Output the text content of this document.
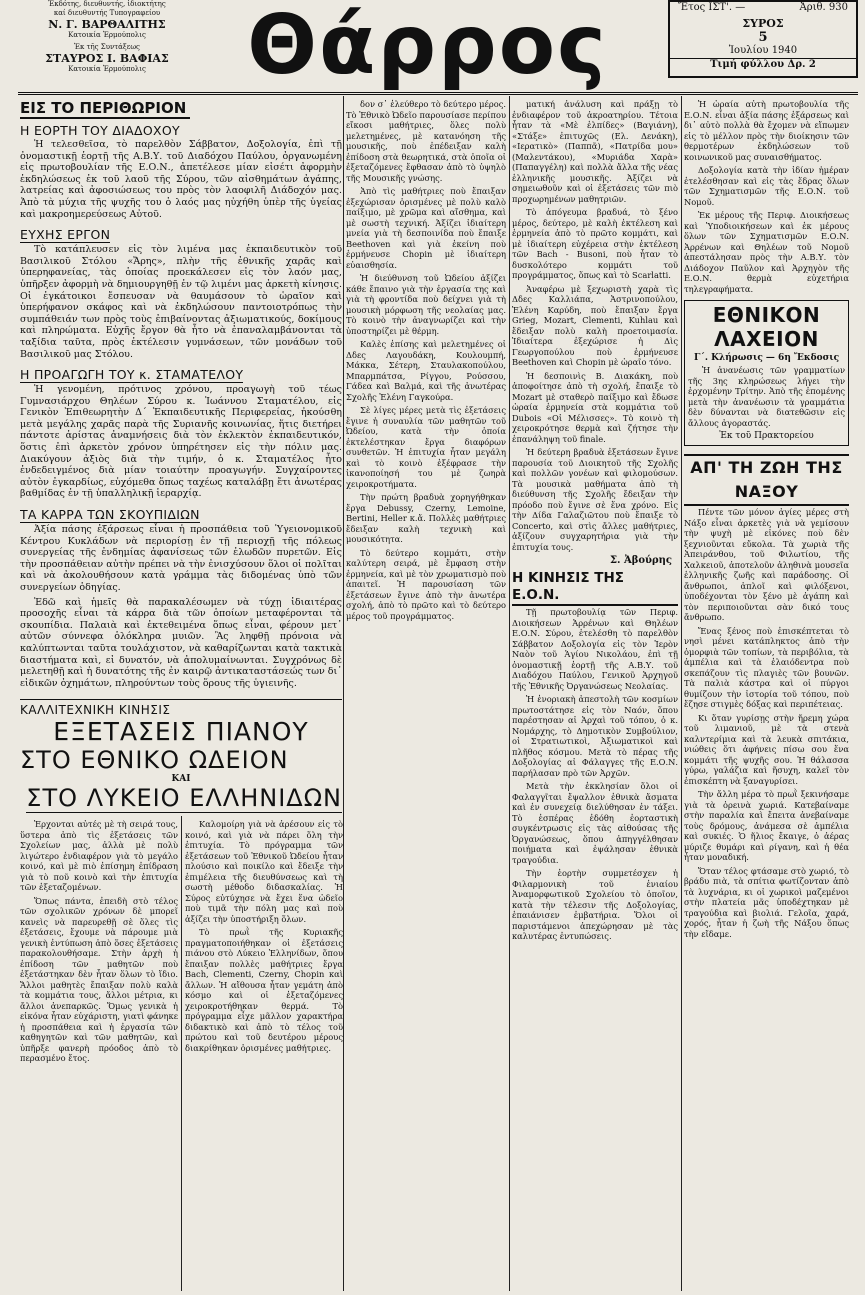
Ἐκδότης, διευθυντής, ἰδιοκτήτης
καί διευθυντής Τυπογραφείου
Ν. Γ. ΒΑΡΘΑΛΙΤΗΣ
Κατοικία Ἑρμούπολις
Ἐκ τῆς Συντάξεως
ΣΤΑΥΡΟΣ Ι. ΒΑΦΙΑΣ
Κατοικία Ἑρμούπολις	Θάρρος	Ἔτος ΙΣΤ'. —	Ἀριθ. 930
ΣΥΡΟΣ
5
Ἰουλίου 1940
Τιμή φύλλου Δρ. 2
ΕΙΣ ΤΟ ΠΕΡΙΘΩΡΙΟΝ
Η ΕΟΡΤΗ ΤΟΥ ΔΙΑΔΟΧΟΥ
Ἡ τελεσθεῖσα, τὸ παρελθὸν Σάββατον, Δοξολογία, ἐπὶ τῇ ὀνομαστικῇ ἑορτῇ τῆς Α.Β.Υ. τοῦ Διαδόχου Παύλου, ὀργανωμένη εἰς πρωτοβουλίαν τῆς Ε.Ο.Ν., ἀπετέλεσε μίαν εἰσέτι ἀφορμὴν ἐκδηλώσεως ἐκ τοῦ λαοῦ τῆς Σύρου, τῶν αἰσθημάτων ἀγάπης, λατρείας καὶ ἀφοσιώσεως του πρὸς τὸν λαοφιλῆ Διάδοχόν μας. Ἀπὸ τὰ μύχια τῆς ψυχῆς του ὁ λαός μας ηὐχήθη ὑπὲρ τῆς ὑγείας καὶ μακροημερεύσεως Αὐτοῦ.
ΕΥΧΗΣ ΕΡΓΟΝ
Τὸ κατάπλευσεν εἰς τὸν λιμένα μας ἐκπαιδευτικὸν τοῦ Βασιλικοῦ Στόλου «Ἄρης», πλὴν τῆς ἐθνικῆς χαρᾶς καὶ ὑπερηφανείας, τὰς ὁποίας προεκάλεσεν εἰς τὸν λαόν μας, ὑπῆρξεν ἀφορμὴ νὰ δημιουργηθῇ ἐν τῷ λιμένι μας ἀρκετὴ κίνησις. Οἱ ἐγκάτοικοι ἔσπευσαν νὰ θαυμάσουν τὸ ὡραῖον καὶ ὑπερήφανον σκάφος καὶ νὰ ἐκδηλώσουν παντοιοτρόπως τὴν συμπάθειάν των πρὸς τοὺς ἐπιβαίνοντας ἀξιωματικούς, δοκίμους καὶ πληρώματα. Εὐχῆς ἔργον θὰ ἦτο νὰ ἐπαναλαμβάνονται τὰ ταξίδια ταῦτα, πρὸς ἐκτέλεσιν γυμνάσεων, τῶν μονάδων τοῦ Βασιλικοῦ μας Στόλου.
Η ΠΡΟΑΓΩΓΗ ΤΟΥ κ. ΣΤΑΜΑΤΕΛΟΥ
Ἡ γενομένη, πρότινος χρόνου, προαγωγὴ τοῦ τέως Γυμνασιάρχου Θηλέων Σύρου κ. Ἰωάννου Σταματέλου, εἰς Γενικὸν Ἐπιθεωρητὴν Δ΄ Ἐκπαιδευτικῆς Περιφερείας, ἠκούσθη μετὰ μεγάλης χαρᾶς παρὰ τῆς Συριανῆς κοινωνίας, ἥτις διετήρει πάντοτε ἀρίστας ἀναμνήσεις διὰ τὸν ἐκλεκτὸν ἐκπαιδευτικόν, ὅστις ἐπὶ ἀρκετὸν χρόνον ὑπηρέτησεν εἰς τὴν πόλιν μας. Διακύγουν ἀξιὸς διὰ τὴν τιμήν, ὁ κ. Σταματέλος ἦτο ἐνδεδειγμένος διὰ μίαν τοιαύτην προαγωγήν. Συγχαίροντες αὐτὸν ἐγκαρδίως, εὐχόμεθα ὅπως ταχέως καταλάβῃ ἔτι ἀνωτέρας βαθμίδας ἐν τῇ ὑπαλληλικῇ ἱεραρχίᾳ.
ΤΑ ΚΑΡΡΑ ΤΩΝ ΣΚΟΥΠΙΔΙΩΝ
Ἀξία πάσης ἐξάρσεως εἶναι ἡ προσπάθεια τοῦ Ὑγειονομικοῦ Κέντρου Κυκλάδων νὰ περιορίσῃ ἐν τῇ περιοχῇ τῆς πόλεως συνεργείας τῆς ἐνδημίας ἀφανίσεως τῶν ἐλωδῶν πυρετῶν. Εἰς τὴν προσπάθειαν αὐτὴν πρέπει νὰ τὴν ἐνισχύσουν ὅλοι οἱ πολῖται καὶ νὰ ἀκολουθήσουν κατὰ γράμμα τὰς διδομένας ὑπὸ τῶν συνεργείων ὁδηγίας.
Ἐδῶ καὶ ἡμεῖς θὰ παρακαλέσωμεν νὰ τύχῃ ἰδιαιτέρας προσοχῆς εἶναι τὰ κάρρα διὰ τῶν ὁποίων μεταφέρονται τὰ σκουπίδια. Παλαιὰ καὶ ἐκτεθειμένα ὅπως εἶναι, φέρουν μετ᾽ αὐτῶν σύννεφα ὁλόκληρα μυιῶν. Ἂς ληφθῇ πρόνοια νὰ καλύπτωνται ταῦτα τουλάχιστον, νὰ καθαρίζωνται κατὰ τακτικὰ διαστήματα καὶ, εἰ δυνατόν, νὰ ἀπολυμαίνωνται. Συγχρόνως δὲ μελετηθῇ καὶ ἡ δυνατότης τῆς ἐν καιρῷ ἀντικαταστάσεώς των δι᾽ εἰδικῶν ὀχημάτων, πληρούντων τοὺς ὅρους τῆς ὑγιεινῆς.
ΚΑΛΛΙΤΕΧΝΙΚΗ ΚΙΝΗΣΙΣ
ΕΞΕΤΑΣΕΙΣ ΠΙΑΝΟΥ
ΣΤΟ ΕΘΝΙΚΟ ΩΔΕΙΟΝ
ΚΑΙ
ΣΤΟ ΛΥΚΕΙΟ ΕΛΛΗΝΙΔΩΝ
Ἐρχονται αὐτές μὲ τὴ σειρά τους, ὕστερα ἀπὸ τὶς ἐξετάσεις τῶν Σχολείων μας, ἀλλὰ μὲ πολὺ λιγώτερο ἐνδιαφέρον γιὰ τὸ μεγάλο κοινό, καὶ μὲ πιὸ ἐπίσημη ἐπίδραση γιὰ τὸ ποῦ κοινὸ καὶ τὴν ἐπιτυχία τῶν ἐξεταζομένων.
Ὅπως πάντα, ἐπειδὴ στὸ τέλος τῶν σχολικῶν χρόνων δὲ μπορεῖ κανεὶς νὰ παρευρεθῇ σὲ ὅλες τὶς ἐξετάσεις, ἔχουμε νὰ πάρουμε μιὰ γενικὴ ἐντύπωση ἀπὸ ὅσες ἐξετάσεις παρακολουθήσαμε. Στὴν ἀρχὴ ἡ ἐπίδοση τῶν μαθητῶν ποὺ ἐξετάστηκαν δὲν ἦταν ὅλων τὸ ἴδιο. Ἄλλοι μαθητὲς ἔπαιξαν πολὺ καλὰ τὰ κομμάτια τους, ἄλλοι μέτρια, κι ἄλλοι ἀνεπαρκῶς. Ὅμως γενικὰ ἡ εἰκόνα ἦταν εὐχάριστη, γιατὶ φάνηκε ἡ προσπάθεια καὶ ἡ ἐργασία τῶν καθηγητῶν καὶ τῶν μαθητῶν, καὶ ὑπῆρξε φανερὴ πρόοδος ἀπὸ τὸ περασμένο ἔτος.
Καλομοίρη γιὰ νὰ ἀρέσουν εἰς τὸ κοινό, καὶ γιὰ νὰ πάρει ὅλη τὴν ἐπιτυχία. Τὸ πρόγραμμα τῶν ἐξετάσεων τοῦ Ἐθνικοῦ Ὠδείου ἦταν πλούσιο καὶ ποικίλο καὶ ἔδειξε τὴν ἐπιμέλεια τῆς διευθύνσεως καὶ τὴ σωστὴ μέθοδο διδασκαλίας. Ἡ Σύρος εὐτύχησε νὰ ἔχει ἕνα ὠδεῖο ποὺ τιμᾶ τὴν πόλη μας καὶ ποὺ ἀξίζει τὴν ὑποστήριξη ὅλων.
Τὸ πρωῒ τῆς Κυριακῆς πραγματοποιήθηκαν οἱ ἐξετάσεις πιάνου στὸ Λύκειο Ἑλληνίδων, ὅπου ἔπαιξαν πολλὲς μαθήτριες ἔργα Bach, Clementi, Czerny, Chopin καὶ ἄλλων. Ἡ αἴθουσα ἦταν γεμάτη ἀπὸ κόσμο καὶ οἱ ἐξεταζόμενες χειροκροτήθηκαν θερμά. Τὸ πρόγραμμα εἶχε μᾶλλον χαρακτήρα διδακτικὸ καὶ ἀπὸ τὸ τέλος τοῦ πρώτου καὶ τοῦ δευτέρου μέρους διακρίθηκαν ὁρισμένες μαθήτριες.
δον σ᾽ ἐλεύθερο τὸ δεύτερο μέρος. Τὸ Ἐθνικὸ Ὠδεῖο παρουσίασε περίπου εἴκοσι μαθήτριες, ὅλες πολὺ μελετημένες, μὲ κατανόηση τῆς μουσικῆς, ποὺ ἐπέδειξαν καλὴ ἐπίδοση στὰ θεωρητικά, στὰ ὁποῖα οἱ ἐξεταζόμενες ἔφθασαν ἀπὸ τὸ ὑψηλὸ τῆς Μουσικῆς γνώσης.
Ἀπὸ τὶς μαθήτριες ποὺ ἔπαιξαν ἐξεχώρισαν ὁρισμένες μὲ πολὺ καλὸ παίξιμο, μὲ χρῶμα καὶ αἴσθημα, καὶ μὲ σωστὴ τεχνική. Ἀξίζει ἰδιαίτερη μνεία γιὰ τὴ δεσποινίδα ποὺ ἔπαιξε Beethoven καὶ γιὰ ἐκείνη ποὺ ἐρμήνευσε Chopin μὲ ἰδιαίτερη εὐαισθησία.
Ἡ διεύθυνση τοῦ Ὠδείου ἀξίζει κάθε ἔπαινο γιὰ τὴν ἐργασία της καὶ γιὰ τὴ φροντίδα ποὺ δείχνει γιὰ τὴ μουσικὴ μόρφωση τῆς νεολαίας μας. Τὸ κοινὸ τὴν ἀναγνωρίζει καὶ τὴν ὑποστηρίζει μὲ θέρμη.
Καλὲς ἐπίσης καὶ μελετημένες οἱ Δδες Λαγουδάκη, Κουλουμπή, Μάκκα, Σέτερη, Σταυλακοπούλου, Μπαρμπάτσα, Ρίγγου, Ρούσσου, Γάδεα καὶ Βαλμά, καὶ τῆς ἀνωτέρας Σχολῆς Ἑλένη Γαγκούρα.
Σὲ λίγες μέρες μετὰ τὶς ἐξετάσεις ἔγινε ἡ συναυλία τῶν μαθητῶν τοῦ Ὠδείου, κατὰ τὴν ὁποία ἐκτελέστηκαν ἔργα διαφόρων συνθετῶν. Ἡ ἐπιτυχία ἦταν μεγάλη καὶ τὸ κοινὸ ἐξέφρασε τὴν ἱκανοποίησή του μὲ ζωηρὰ χειροκροτήματα.
Τὴν πρώτη βραδυὰ χορηγήθηκαν ἔργα Debussy, Czerny, Lemoine, Bertini, Heller κ.ἄ. Πολλὲς μαθήτριες ἔδειξαν καλὴ τεχνικὴ καὶ μουσικότητα.
Τὸ δεύτερο κομμάτι, στὴν καλύτερη σειρά, μὲ ἔμφαση στὴν ἐρμηνεία, καὶ μὲ τὸν χρωματισμὸ ποὺ ἀπαιτεῖ. Ἡ παρουσίαση τῶν ἐξετάσεων ἔγινε ἀπὸ τὴν ἀνωτέρα σχολή, ἀπὸ τὸ πρῶτο καὶ τὸ δεύτερο μέρος τοῦ προγράμματος.
ματική ἀνάλυση καὶ πράξῃ τὸ ἐνδιαφέρον τοῦ ἀκροατηρίου. Τέτοια ἦταν τὰ «Μὲ ἐλπίδες» (Βαγιάνη), «Στάξε» ἐπιτυχῶς (Ελ. Δενάκη), «Ιερατικὸ» (Παππᾶ), «Πατρίδα μου» (Μαλεντάκου), «Μυριάδα Χαρὰ» (Παπαγγέλη) καὶ πολλὰ ἄλλα τῆς νέας ἑλληνικῆς μουσικῆς. Ἀξίζει νὰ σημειωθοῦν καὶ οἱ ἐξετάσεις τῶν πιὸ προχωρημένων μαθητριῶν.
Τὸ ἀπόγευμα βραδυά, τὸ ξένο μέρος, δεύτερο, μὲ καλὴ ἐκτέλεση καὶ ἐρμηνεία ἀπὸ τὸ πρῶτο κομμάτι, καὶ μὲ ἰδιαίτερη εὐχέρεια στὴν ἐκτέλεση τῶν Bach - Busoni, ποὺ ἦταν τὸ δυσκολότερο κομμάτι τοῦ προγράμματος, ὅπως καὶ τὸ Scarlatti.
Ἀναφέρω μὲ ξεχωριστὴ χαρὰ τὶς Δδες Καλλιάπα, Ἀστρινοπούλου, Ἑλένη Καρύδη, ποὺ ἔπαιξαν ἔργα Grieg, Mozart, Clementi, Kuhlau καὶ ἔδειξαν πολὺ καλὴ προετοιμασία. Ἰδιαίτερα ἐξεχώρισε ἡ Δὶς Γεωργοπούλου ποὺ ἐρμήνευσε Beethoven καὶ Chopin μὲ ὡραῖο τόνο.
Ἡ δεσποινὶς Β. Διακάκη, ποὺ ἀποφοίτησε ἀπὸ τὴ σχολή, ἔπαιξε τὸ Mozart μὲ σταθερὸ παίξιμο καὶ ἔδωσε ὡραία ἐρμηνεία στὰ κομμάτια τοῦ Dubois «Οἱ Μέλισσες». Τὸ κοινὸ τὴ χειροκρότησε θερμὰ καὶ ζήτησε τὴν ἐπανάληψη τοῦ finale.
Ἡ δεύτερη βραδυὰ ἐξετάσεων ἔγινε παρουσία τοῦ Διοικητοῦ τῆς Σχολῆς καὶ πολλῶν γονέων καὶ φιλομούσων. Τὰ μουσικὰ μαθήματα ἀπὸ τὴ διεύθυνση τῆς Σχολῆς ἔδειξαν τὴν πρόοδο ποὺ ἔγινε σὲ ἕνα χρόνο. Εἰς τὴν Δίδα Γαλαζιῶτου ποὺ ἔπαιξε τὸ Concerto, καὶ στὶς ἄλλες μαθήτριες, ἀξίζουν συγχαρητήρια γιὰ τὴν ἐπιτυχία τους.
Σ. Ἀβούρης
Η ΚΙΝΗΣΙΣ ΤΗΣ Ε.Ο.Ν.
Τῇ πρωτοβουλίᾳ τῶν Περιφ. Διοικήσεων Ἀρρένων καὶ Θηλέων Ε.Ο.Ν. Σύρου, ἐτελέσθη τὸ παρελθὸν Σάββατον Δοξολογία εἰς τὸν Ἱερὸν Ναὸν τοῦ Ἁγίου Νικολάου, ἐπὶ τῇ ὀνομαστικῇ ἑορτῇ τῆς Α.Β.Υ. τοῦ Διαδόχου Παύλου, Γενικοῦ Ἀρχηγοῦ τῆς Ἐθνικῆς Ὀργανώσεως Νεολαίας.
Ἡ ἐνοριακὴ ἀπεστολὴ τῶν κοσμίων πρωτοστάτησε εἰς τὸν Ναόν, ὅπου παρέστησαν αἱ Ἀρχαὶ τοῦ τόπου, ὁ κ. Νομάρχης, τὸ Δημοτικὸν Συμβούλιον, οἱ Στρατιωτικοὶ, Ἀξιωματικοὶ καὶ πλῆθος κόσμου. Μετὰ τὸ πέρας τῆς Δοξολογίας αἱ Φάλαγγες τῆς Ε.Ο.Ν. παρήλασαν πρὸ τῶν Ἀρχῶν.
Μετὰ τὴν ἐκκλησίαν ὅλοι οἱ Φαλαγγῖται ἔψαλλον ἐθνικὰ ἄσματα καὶ ἐν συνεχείᾳ διελύθησαν ἐν τάξει. Τὸ ἑσπέρας ἐδόθη ἐορταστικὴ συγκέντρωσις εἰς τὰς αἰθούσας τῆς Ὀργανώσεως, ὅπου ἀπηγγέλθησαν ποιήματα καὶ ἐψάλησαν ἐθνικὰ τραγούδια.
Τὴν ἑορτὴν συμμετέσχεν ἡ Φιλαρμονικὴ τοῦ ἐνιαίου Ἀναμορφωτικοῦ Σχολείου τὸ ὁποῖον, κατὰ τὴν τέλεσιν τῆς Δοξολογίας, ἐπαιάνισεν ἐμβατήρια. Ὅλοι οἱ παριστάμενοι ἀπεχώρησαν μὲ τὰς καλυτέρας ἐντυπώσεις.
Ἡ ὡραία αὐτὴ πρωτοβουλία τῆς Ε.Ο.Ν. εἶναι ἀξία πάσης ἐξάρσεως καὶ δι᾽ αὐτὸ πολλὰ θὰ ἔχομεν νὰ εἴπωμεν εἰς τὸ μέλλον πρὸς τὴν διοίκησιν τῶν θερμοτέρων ἐκδηλώσεων τοῦ κοινωνικοῦ μας συναισθήματος.
Δοξολογία κατὰ τὴν ἰδίαν ἡμέραν ἐτελέσθησαν καὶ εἰς τὰς ἕδρας ὅλων τῶν Σχηματισμῶν τῆς Ε.Ο.Ν. τοῦ Νομοῦ.
Ἐκ μέρους τῆς Περιφ. Διοικήσεως καὶ Ὑποδιοικήσεων καὶ ἐκ μέρους ὅλων τῶν Σχηματισμῶν Ε.Ο.Ν. Ἀρρένων καὶ Θηλέων τοῦ Νομοῦ ἀπεστάλησαν πρὸς τὴν Α.Β.Υ. τὸν Διάδοχον Παῦλον καὶ Ἀρχηγὸν τῆς Ε.Ο.Ν. θερμὰ εὐχετήρια τηλεγραφήματα.
ΕΘΝΙΚΟΝ ΛΑΧΕΙΟΝ
Γ΄. Κλήρωσις — 6η Ἔκδοσις
Ἡ ἀνανέωσις τῶν γραμματίων τῆς 3ης κληρώσεως λήγει τὴν ἐρχομένην Τρίτην. Ἀπὸ τῆς ἐπομένης μετὰ τὴν ἀνανέωσιν τὰ γραμμάτια δὲν δύνανται νὰ διατεθῶσιν εἰς ἄλλους ἀγοραστάς.
Ἐκ τοῦ Πρακτορείου
ΑΠ' ΤΗ ΖΩΗ ΤΗΣ ΝΑΞΟΥ
Πέντε τῶν μόνον ἀγίες μέρες στὴ Νάξο εἶναι ἀρκετὲς γιὰ νὰ γεμίσουν τὴν ψυχὴ μὲ εἰκόνες ποὺ δὲν ξεχνιοῦνται εὔκολα. Τὰ χωριὰ τῆς Ἀπειράνθου, τοῦ Φιλωτίου, τῆς Χαλκειοῦ, ἀποτελοῦν ἀληθινὰ μουσεῖα ἑλληνικῆς ζωῆς καὶ παράδοσης. Οἱ ἄνθρωποι, ἁπλοῖ καὶ φιλόξενοι, ὑποδέχονται τὸν ξένο μὲ ἀγάπη καὶ τὸν περιποιοῦνται σὰν δικό τους ἄνθρωπο.
Ἔνας ξένος ποὺ ἐπισκέπτεται τὸ νησὶ μένει κατάπληκτος ἀπὸ τὴν ὀμορφιὰ τῶν τοπίων, τὰ περιβόλια, τὰ ἀμπέλια καὶ τὰ ἐλαιόδεντρα ποὺ σκεπάζουν τὶς πλαγιὲς τῶν βουνῶν. Τὰ παλιὰ κάστρα καὶ οἱ πύργοι θυμίζουν τὴν ἱστορία τοῦ τόπου, ποὺ ἔζησε στιγμὲς δόξας καὶ περιπέτειας.
Κι ὅταν γυρίσῃς στὴν ἤρεμη χώρα τοῦ λιμανιοῦ, μὲ τὰ στενὰ καλντερίμια καὶ τὰ λευκὰ σπιτάκια, νιώθεις ὅτι ἀφήνεις πίσω σου ἕνα κομμάτι τῆς ψυχῆς σου. Ἡ θάλασσα γύρω, γαλάζια καὶ ἥσυχη, καλεῖ τὸν ἐπισκέπτη νὰ ξαναγυρίσει.
Τὴν ἄλλη μέρα τὸ πρωῒ ξεκινήσαμε γιὰ τὰ ὀρεινὰ χωριά. Κατεβαίναμε στὴν παραλία καὶ ἔπειτα ἀνεβαίναμε τοὺς δρόμους, ἀνάμεσα σὲ ἀμπέλια καὶ συκιές. Ὁ ἥλιος ἔκαιγε, ὁ ἀέρας μύριζε θυμάρι καὶ ρίγανη, καὶ ἡ θέα ἦταν μοναδική.
Ὅταν τέλος φτάσαμε στὸ χωριό, τὸ βράδυ πιὰ, τὰ σπίτια φωτίζονταν ἀπὸ τὰ λυχνάρια, κι οἱ χωρικοὶ μαζεμένοι στὴν πλατεία μᾶς ὑποδέχτηκαν μὲ τραγούδια καὶ βιολιά. Γελοῖα, χαρά, χορός, ἦταν ἡ ζωὴ τῆς Νάξου ὅπως τὴν εἴδαμε.
